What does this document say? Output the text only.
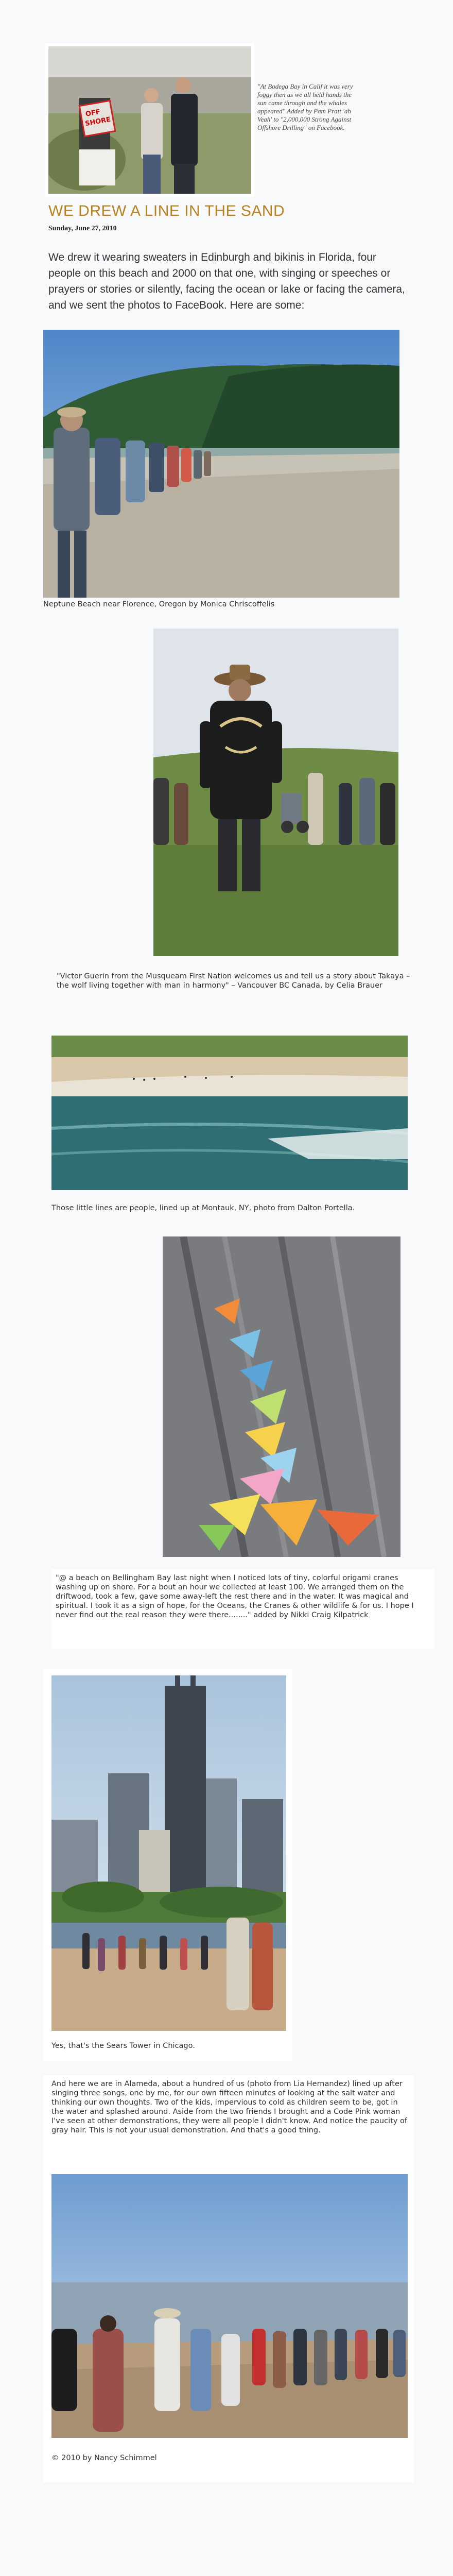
OFF
SHORE
"At Bodega Bay in Calif it was very foggy then as we all held hands the sun came through and the whales appeared" Added by Pam Pratt 'ah Veah' to "2,000,000 Strong Against Offshore Drilling" on Facebook.
WE DREW A LINE IN THE SAND
Sunday, June 27, 2010
We drew it wearing sweaters in Edinburgh and bikinis in Florida, four people on this beach and 2000 on that one, with singing or speeches or prayers or stories or silently, facing the ocean or lake or facing the camera, and we sent the photos to FaceBook. Here are some:
Neptune Beach near Florence, Oregon by Monica Chriscoffelis
"Victor Guerin from the Musqueam First Nation welcomes us and tell us a story about Takaya – the wolf living together with man in harmony" – Vancouver BC Canada, by Celia Brauer
Those little lines are people, lined up at Montauk, NY, photo from Dalton Portella.
"@ a beach on Bellingham Bay last night when I noticed lots of tiny, colorful origami cranes washing up on shore. For a bout an hour we collected at least 100. We arranged them on the driftwood, took a few, gave some away-left the rest there and in the water. It was magical and spiritual. I took it as a sign of hope, for the Oceans, the Cranes & other wildlife & for us. I hope I never find out the real reason they were there........" added by Nikki Craig Kilpatrick
Yes, that's the Sears Tower in Chicago.
And here we are in Alameda, about a hundred of us (photo from Lia Hernandez) lined up after singing three songs, one by me, for our own fifteen minutes of looking at the salt water and thinking our own thoughts. Two of the kids, impervious to cold as children seem to be, got in the water and splashed around. Aside from the two friends I brought and a Code Pink woman I've seen at other demonstrations, they were all people I didn't know. And notice the paucity of gray hair. This is not your usual demonstration. And that's a good thing.
© 2010 by Nancy Schimmel
